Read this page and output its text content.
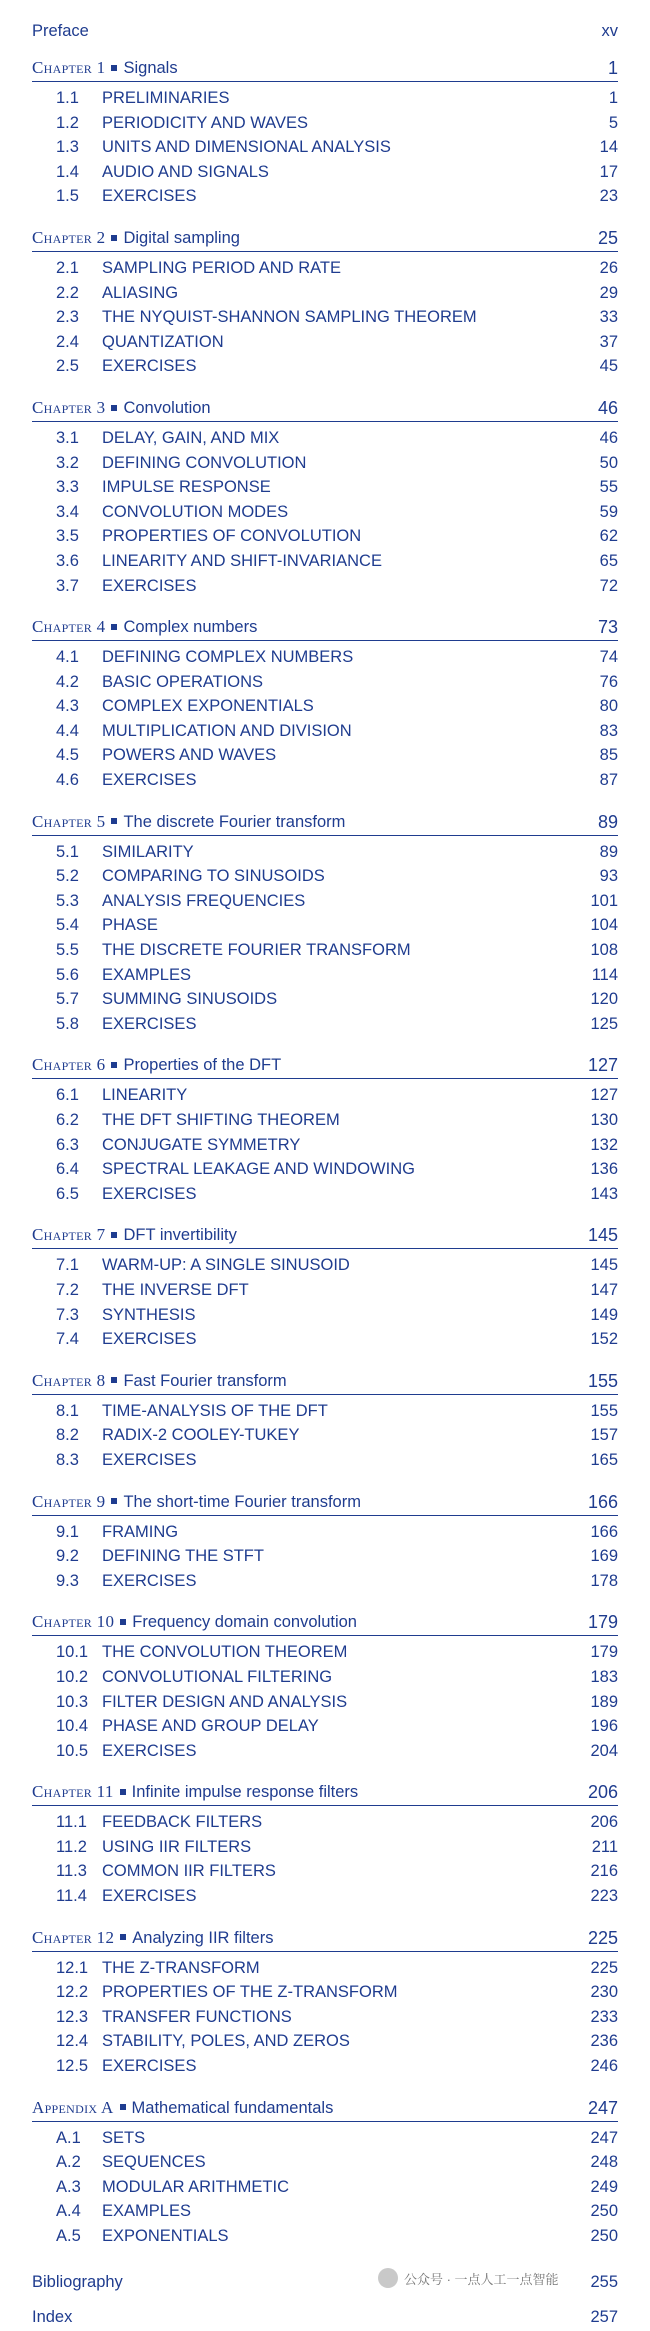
Preface	xv
Chapter 1 Signals	1
1.1 PRELIMINARIES	1
1.2 PERIODICITY AND WAVES	5
1.3 UNITS AND DIMENSIONAL ANALYSIS	14
1.4 AUDIO AND SIGNALS	17
1.5 EXERCISES	23
Chapter 2 Digital sampling	25
2.1 SAMPLING PERIOD AND RATE	26
2.2 ALIASING	29
2.3 THE NYQUIST-SHANNON SAMPLING THEOREM	33
2.4 QUANTIZATION	37
2.5 EXERCISES	45
Chapter 3 Convolution	46
3.1 DELAY, GAIN, AND MIX	46
3.2 DEFINING CONVOLUTION	50
3.3 IMPULSE RESPONSE	55
3.4 CONVOLUTION MODES	59
3.5 PROPERTIES OF CONVOLUTION	62
3.6 LINEARITY AND SHIFT-INVARIANCE	65
3.7 EXERCISES	72
Chapter 4 Complex numbers	73
4.1 DEFINING COMPLEX NUMBERS	74
4.2 BASIC OPERATIONS	76
4.3 COMPLEX EXPONENTIALS	80
4.4 MULTIPLICATION AND DIVISION	83
4.5 POWERS AND WAVES	85
4.6 EXERCISES	87
Chapter 5 The discrete Fourier transform	89
5.1 SIMILARITY	89
5.2 COMPARING TO SINUSOIDS	93
5.3 ANALYSIS FREQUENCIES	101
5.4 PHASE	104
5.5 THE DISCRETE FOURIER TRANSFORM	108
5.6 EXAMPLES	114
5.7 SUMMING SINUSOIDS	120
5.8 EXERCISES	125
Chapter 6 Properties of the DFT	127
6.1 LINEARITY	127
6.2 THE DFT SHIFTING THEOREM	130
6.3 CONJUGATE SYMMETRY	132
6.4 SPECTRAL LEAKAGE AND WINDOWING	136
6.5 EXERCISES	143
Chapter 7 DFT invertibility	145
7.1 WARM-UP: A SINGLE SINUSOID	145
7.2 THE INVERSE DFT	147
7.3 SYNTHESIS	149
7.4 EXERCISES	152
Chapter 8 Fast Fourier transform	155
8.1 TIME-ANALYSIS OF THE DFT	155
8.2 RADIX-2 COOLEY-TUKEY	157
8.3 EXERCISES	165
Chapter 9 The short-time Fourier transform	166
9.1 FRAMING	166
9.2 DEFINING THE STFT	169
9.3 EXERCISES	178
Chapter 10 Frequency domain convolution	179
10.1 THE CONVOLUTION THEOREM	179
10.2 CONVOLUTIONAL FILTERING	183
10.3 FILTER DESIGN AND ANALYSIS	189
10.4 PHASE AND GROUP DELAY	196
10.5 EXERCISES	204
Chapter 11 Infinite impulse response filters	206
11.1 FEEDBACK FILTERS	206
11.2 USING IIR FILTERS	211
11.3 COMMON IIR FILTERS	216
11.4 EXERCISES	223
Chapter 12 Analyzing IIR filters	225
12.1 THE Z-TRANSFORM	225
12.2 PROPERTIES OF THE Z-TRANSFORM	230
12.3 TRANSFER FUNCTIONS	233
12.4 STABILITY, POLES, AND ZEROS	236
12.5 EXERCISES	246
Appendix A Mathematical fundamentals	247
A.1 SETS	247
A.2 SEQUENCES	248
A.3 MODULAR ARITHMETIC	249
A.4 EXAMPLES	250
A.5 EXPONENTIALS	250
Bibliography	255
Index	257
公众号 · 一点人工一点智能
